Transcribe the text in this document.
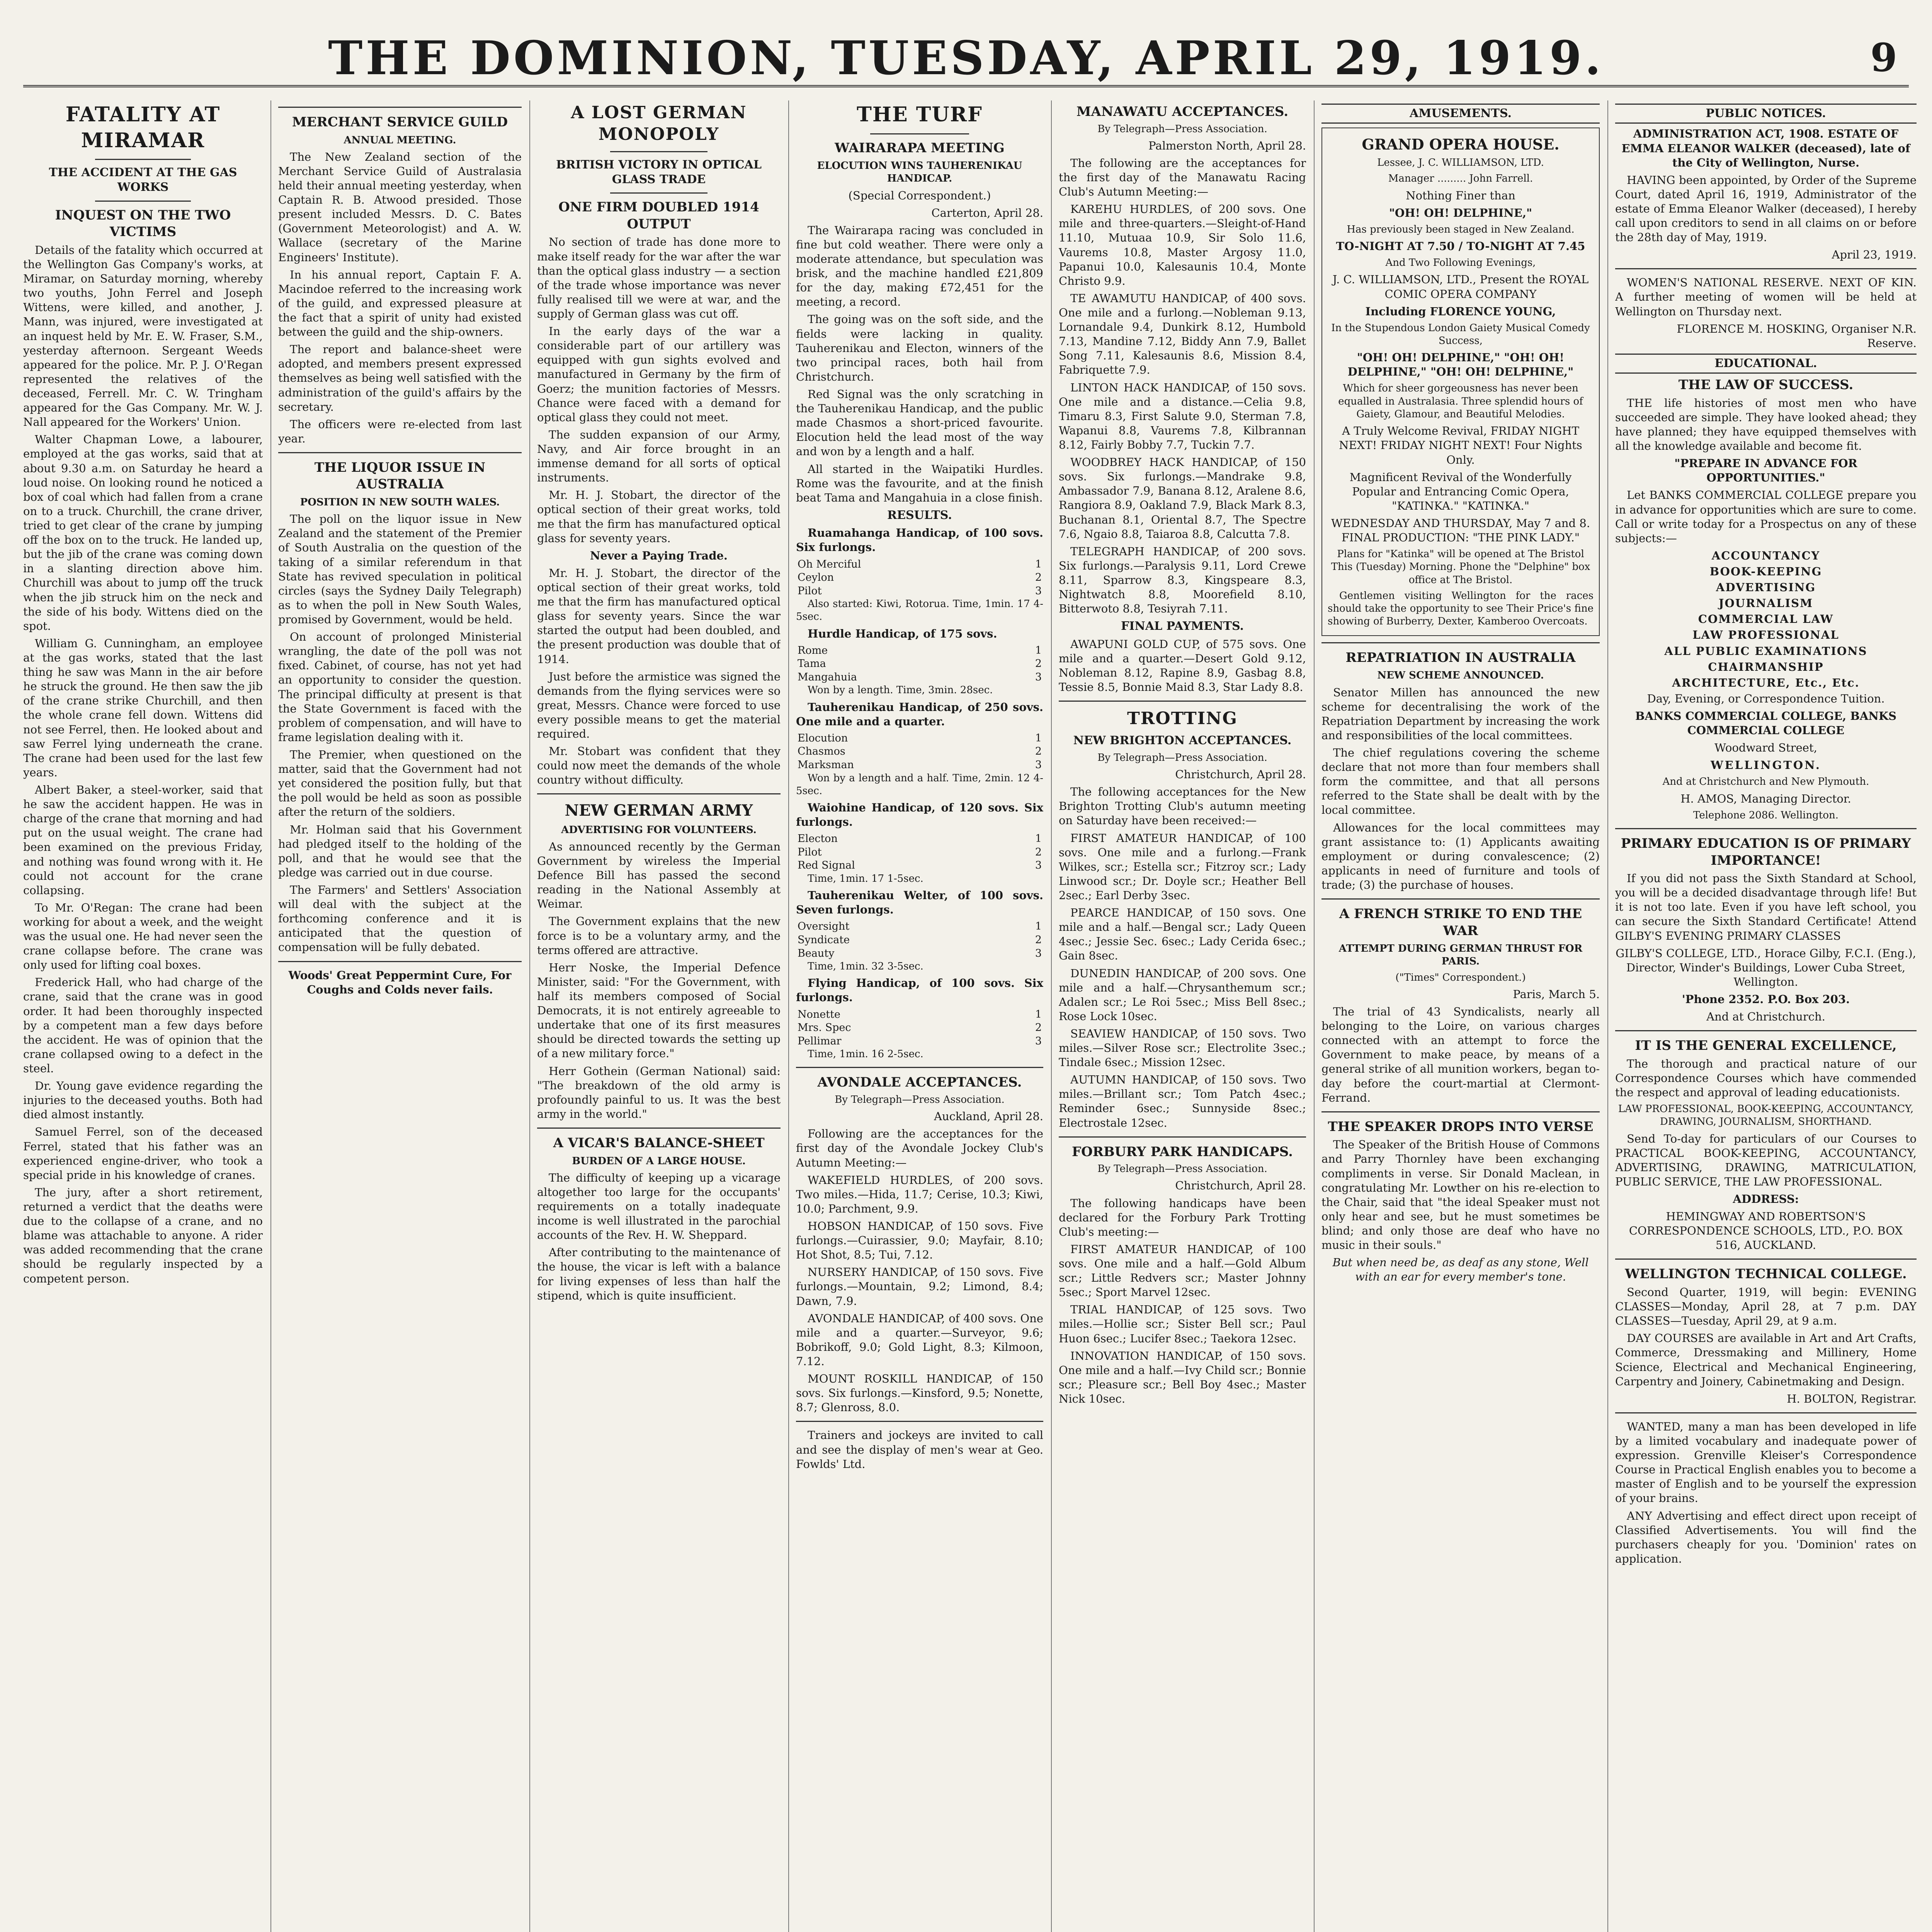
THE DOMINION, TUESDAY, APRIL 29, 1919.	9
FATALITY AT MIRAMAR
THE ACCIDENT AT THE GAS WORKS
INQUEST ON THE TWO VICTIMS

Details of the fatality which occurred at the Wellington Gas Company's works, at Miramar, on Saturday morning, whereby two youths, John Ferrel and Joseph Wittens, were killed, and another, J. Mann, was injured, were investigated at an inquest held by Mr. E. W. Fraser, S.M., yesterday afternoon. Sergeant Weeds appeared for the police. Mr. P. J. O'Regan represented the relatives of the deceased, Ferrell. Mr. C. W. Tringham appeared for the Gas Company. Mr. W. J. Nall appeared for the Workers' Union.

Walter Chapman Lowe, a labourer, employed at the gas works, said that at about 9.30 a.m. on Saturday he heard a loud noise. On looking round he noticed a box of coal which had fallen from a crane on to a truck. Churchill, the crane driver, tried to get clear of the crane by jumping off the box on to the truck. He landed up, but the jib of the crane was coming down in a slanting direction above him. Churchill was about to jump off the truck when the jib struck him on the neck and the side of his body. Wittens died on the spot.

William G. Cunningham, an employee at the gas works, stated that the last thing he saw was Mann in the air before he struck the ground. He then saw the jib of the crane strike Churchill, and then the whole crane fell down. Wittens did not see Ferrel, then. He looked about and saw Ferrel lying underneath the crane. The crane had been used for the last few years.

Albert Baker, a steel-worker, said that he saw the accident happen. He was in charge of the crane that morning and had put on the usual weight. The crane had been examined on the previous Friday, and nothing was found wrong with it. He could not account for the crane collapsing.

To Mr. O'Regan: The crane had been working for about a week, and the weight was the usual one. He had never seen the crane collapse before. The crane was only used for lifting coal boxes.

Frederick Hall, who had charge of the crane, said that the crane was in good order. It had been thoroughly inspected by a competent man a few days before the accident. He was of opinion that the crane collapsed owing to a defect in the steel.

Dr. Young gave evidence regarding the injuries to the deceased youths. Both had died almost instantly.

Samuel Ferrel, son of the deceased Ferrel, stated that his father was an experienced engine-driver, who took a special pride in his knowledge of cranes.

The jury, after a short retirement, returned a verdict that the deaths were due to the collapse of a crane, and no blame was attachable to anyone. A rider was added recommending that the crane should be regularly inspected by a competent person.

MERCHANT SERVICE GUILD
ANNUAL MEETING.

The New Zealand section of the Merchant Service Guild of Australasia held their annual meeting yesterday, when Captain R. B. Atwood presided. Those present included Messrs. D. C. Bates (Government Meteorologist) and A. W. Wallace (secretary of the Marine Engineers' Institute).

In his annual report, Captain F. A. Macindoe referred to the increasing work of the guild, and expressed pleasure at the fact that a spirit of unity had existed between the guild and the ship-owners.

The report and balance-sheet were adopted, and members present expressed themselves as being well satisfied with the administration of the guild's affairs by the secretary.

The officers were re-elected from last year.

THE LIQUOR ISSUE IN AUSTRALIA
POSITION IN NEW SOUTH WALES.

The poll on the liquor issue in New Zealand and the statement of the Premier of South Australia on the question of the taking of a similar referendum in that State has revived speculation in political circles (says the Sydney Daily Telegraph) as to when the poll in New South Wales, promised by Government, would be held.

On account of prolonged Ministerial wrangling, the date of the poll was not fixed. Cabinet, of course, has not yet had an opportunity to consider the question. The principal difficulty at present is that the State Government is faced with the problem of compensation, and will have to frame legislation dealing with it.

The Premier, when questioned on the matter, said that the Government had not yet considered the position fully, but that the poll would be held as soon as possible after the return of the soldiers.

Mr. Holman said that his Government had pledged itself to the holding of the poll, and that he would see that the pledge was carried out in due course.

The Farmers' and Settlers' Association will deal with the subject at the forthcoming conference and it is anticipated that the question of compensation will be fully debated.

Woods' Great Peppermint Cure, For Coughs and Colds never fails.

A LOST GERMAN MONOPOLY
BRITISH VICTORY IN OPTICAL GLASS TRADE
ONE FIRM DOUBLED 1914 OUTPUT

No section of trade has done more to make itself ready for the war after the war than the optical glass industry — a section of the trade whose importance was never fully realised till we were at war, and the supply of German glass was cut off.

In the early days of the war a considerable part of our artillery was equipped with gun sights evolved and manufactured in Germany by the firm of Goerz; the munition factories of Messrs. Chance were faced with a demand for optical glass they could not meet.

The sudden expansion of our Army, Navy, and Air force brought in an immense demand for all sorts of optical instruments.

Mr. H. J. Stobart, the director of the optical section of their great works, told me that the firm has manufactured optical glass for seventy years.

Never a Paying Trade.

Mr. H. J. Stobart, the director of the optical section of their great works, told me that the firm has manufactured optical glass for seventy years. Since the war started the output had been doubled, and the present production was double that of 1914.

Just before the armistice was signed the demands from the flying services were so great, Messrs. Chance were forced to use every possible means to get the material required.

Mr. Stobart was confident that they could now meet the demands of the whole country without difficulty.

NEW GERMAN ARMY
ADVERTISING FOR VOLUNTEERS.

As announced recently by the German Government by wireless the Imperial Defence Bill has passed the second reading in the National Assembly at Weimar.

The Government explains that the new force is to be a voluntary army, and the terms offered are attractive.

Herr Noske, the Imperial Defence Minister, said: "For the Government, with half its members composed of Social Democrats, it is not entirely agreeable to undertake that one of its first measures should be directed towards the setting up of a new military force."

Herr Gothein (German National) said: "The breakdown of the old army is profoundly painful to us. It was the best army in the world."

A VICAR'S BALANCE-SHEET
BURDEN OF A LARGE HOUSE.

The difficulty of keeping up a vicarage altogether too large for the occupants' requirements on a totally inadequate income is well illustrated in the parochial accounts of the Rev. H. W. Sheppard.

After contributing to the maintenance of the house, the vicar is left with a balance for living expenses of less than half the stipend, which is quite insufficient.

THE TURF
WAIRARAPA MEETING
ELOCUTION WINS TAUHERENIKAU HANDICAP.

(Special Correspondent.)

Carterton, April 28.

The Wairarapa racing was concluded in fine but cold weather. There were only a moderate attendance, but speculation was brisk, and the machine handled £21,809 for the day, making £72,451 for the meeting, a record.

The going was on the soft side, and the fields were lacking in quality. Tauherenikau and Electon, winners of the two principal races, both hail from Christchurch.

Red Signal was the only scratching in the Tauherenikau Handicap, and the public made Chasmos a short-priced favourite. Elocution held the lead most of the way and won by a length and a half.

All started in the Waipatiki Hurdles. Rome was the favourite, and at the finish beat Tama and Mangahuia in a close finish.

RESULTS.

Ruamahanga Handicap, of 100 sovs. Six furlongs.

Oh Merciful	1
Ceylon	2
Pilot	3

Also started: Kiwi, Rotorua. Time, 1min. 17 4-5sec.

Hurdle Handicap, of 175 sovs.

Rome	1
Tama	2
Mangahuia	3

Won by a length. Time, 3min. 28sec.

Tauherenikau Handicap, of 250 sovs. One mile and a quarter.

Elocution	1
Chasmos	2
Marksman	3

Won by a length and a half. Time, 2min. 12 4-5sec.

Waiohine Handicap, of 120 sovs. Six furlongs.

Electon	1
Pilot	2
Red Signal	3

Time, 1min. 17 1-5sec.

Tauherenikau Welter, of 100 sovs. Seven furlongs.

Oversight	1
Syndicate	2
Beauty	3

Time, 1min. 32 3-5sec.

Flying Handicap, of 100 sovs. Six furlongs.

Nonette	1
Mrs. Spec	2
Pellimar	3

Time, 1min. 16 2-5sec.

AVONDALE ACCEPTANCES.

By Telegraph—Press Association.

Auckland, April 28.

Following are the acceptances for the first day of the Avondale Jockey Club's Autumn Meeting:—

WAKEFIELD HURDLES, of 200 sovs. Two miles.—Hida, 11.7; Cerise, 10.3; Kiwi, 10.0; Parchment, 9.9.

HOBSON HANDICAP, of 150 sovs. Five furlongs.—Cuirassier, 9.0; Mayfair, 8.10; Hot Shot, 8.5; Tui, 7.12.

NURSERY HANDICAP, of 150 sovs. Five furlongs.—Mountain, 9.2; Limond, 8.4; Dawn, 7.9.

AVONDALE HANDICAP, of 400 sovs. One mile and a quarter.—Surveyor, 9.6; Bobrikoff, 9.0; Gold Light, 8.3; Kilmoon, 7.12.

MOUNT ROSKILL HANDICAP, of 150 sovs. Six furlongs.—Kinsford, 9.5; Nonette, 8.7; Glenross, 8.0.

Trainers and jockeys are invited to call and see the display of men's wear at Geo. Fowlds' Ltd.

MANAWATU ACCEPTANCES.

By Telegraph—Press Association.

Palmerston North, April 28.

The following are the acceptances for the first day of the Manawatu Racing Club's Autumn Meeting:—

KAREHU HURDLES, of 200 sovs. One mile and three-quarters.—Sleight-of-Hand 11.10, Mutuaa 10.9, Sir Solo 11.6, Vaurems 10.8, Master Argosy 11.0, Papanui 10.0, Kalesaunis 10.4, Monte Christo 9.9.

TE AWAMUTU HANDICAP, of 400 sovs. One mile and a furlong.—Nobleman 9.13, Lornandale 9.4, Dunkirk 8.12, Humbold 7.13, Mandine 7.12, Biddy Ann 7.9, Ballet Song 7.11, Kalesaunis 8.6, Mission 8.4, Fabriquette 7.9.

LINTON HACK HANDICAP, of 150 sovs. One mile and a distance.—Celia 9.8, Timaru 8.3, First Salute 9.0, Sterman 7.8, Wapanui 8.8, Vaurems 7.8, Kilbrannan 8.12, Fairly Bobby 7.7, Tuckin 7.7.

WOODBREY HACK HANDICAP, of 150 sovs. Six furlongs.—Mandrake 9.8, Ambassador 7.9, Banana 8.12, Aralene 8.6, Rangiora 8.9, Oakland 7.9, Black Mark 8.3, Buchanan 8.1, Oriental 8.7, The Spectre 7.6, Ngaio 8.8, Taiaroa 8.8, Calcutta 7.8.

TELEGRAPH HANDICAP, of 200 sovs. Six furlongs.—Paralysis 9.11, Lord Crewe 8.11, Sparrow 8.3, Kingspeare 8.3, Nightwatch 8.8, Moorefield 8.10, Bitterwoto 8.8, Tesiyrah 7.11.

FINAL PAYMENTS.

AWAPUNI GOLD CUP, of 575 sovs. One mile and a quarter.—Desert Gold 9.12, Nobleman 8.12, Rapine 8.9, Gasbag 8.8, Tessie 8.5, Bonnie Maid 8.3, Star Lady 8.8.

TROTTING
NEW BRIGHTON ACCEPTANCES.

By Telegraph—Press Association.

Christchurch, April 28.

The following acceptances for the New Brighton Trotting Club's autumn meeting on Saturday have been received:—

FIRST AMATEUR HANDICAP, of 100 sovs. One mile and a furlong.—Frank Wilkes, scr.; Estella scr.; Fitzroy scr.; Lady Linwood scr.; Dr. Doyle scr.; Heather Bell 2sec.; Earl Derby 3sec.

PEARCE HANDICAP, of 150 sovs. One mile and a half.—Bengal scr.; Lady Queen 4sec.; Jessie Sec. 6sec.; Lady Cerida 6sec.; Gain 8sec.

DUNEDIN HANDICAP, of 200 sovs. One mile and a half.—Chrysanthemum scr.; Adalen scr.; Le Roi 5sec.; Miss Bell 8sec.; Rose Lock 10sec.

SEAVIEW HANDICAP, of 150 sovs. Two miles.—Silver Rose scr.; Electrolite 3sec.; Tindale 6sec.; Mission 12sec.

AUTUMN HANDICAP, of 150 sovs. Two miles.—Brillant scr.; Tom Patch 4sec.; Reminder 6sec.; Sunnyside 8sec.; Electrostale 12sec.

FORBURY PARK HANDICAPS.

By Telegraph—Press Association.

Christchurch, April 28.

The following handicaps have been declared for the Forbury Park Trotting Club's meeting:—

FIRST AMATEUR HANDICAP, of 100 sovs. One mile and a half.—Gold Album scr.; Little Redvers scr.; Master Johnny 5sec.; Sport Marvel 12sec.

TRIAL HANDICAP, of 125 sovs. Two miles.—Hollie scr.; Sister Bell scr.; Paul Huon 6sec.; Lucifer 8sec.; Taekora 12sec.

INNOVATION HANDICAP, of 150 sovs. One mile and a half.—Ivy Child scr.; Bonnie scr.; Pleasure scr.; Bell Boy 4sec.; Master Nick 10sec.

AMUSEMENTS.
GRAND OPERA HOUSE.

Lessee, J. C. WILLIAMSON, LTD.

Manager ......... John Farrell.

Nothing Finer than

"OH! OH! DELPHINE,"

Has previously been staged in New Zealand.

TO-NIGHT AT 7.50 / TO-NIGHT AT 7.45

And Two Following Evenings,

J. C. WILLIAMSON, LTD., Present the ROYAL COMIC OPERA COMPANY

Including FLORENCE YOUNG,

In the Stupendous London Gaiety Musical Comedy Success,

"OH! OH! DELPHINE," "OH! OH! DELPHINE," "OH! OH! DELPHINE,"

Which for sheer gorgeousness has never been equalled in Australasia. Three splendid hours of Gaiety, Glamour, and Beautiful Melodies.

A Truly Welcome Revival, FRIDAY NIGHT NEXT! FRIDAY NIGHT NEXT! Four Nights Only.

Magnificent Revival of the Wonderfully Popular and Entrancing Comic Opera, "KATINKA." "KATINKA."

WEDNESDAY AND THURSDAY, May 7 and 8. FINAL PRODUCTION: "THE PINK LADY."

Plans for "Katinka" will be opened at The Bristol This (Tuesday) Morning. Phone the "Delphine" box office at The Bristol.

Gentlemen visiting Wellington for the races should take the opportunity to see Their Price's fine showing of Burberry, Dexter, Kamberoo Overcoats.

REPATRIATION IN AUSTRALIA
NEW SCHEME ANNOUNCED.

Senator Millen has announced the new scheme for decentralising the work of the Repatriation Department by increasing the work and responsibilities of the local committees.

The chief regulations covering the scheme declare that not more than four members shall form the committee, and that all persons referred to the State shall be dealt with by the local committee.

Allowances for the local committees may grant assistance to: (1) Applicants awaiting employment or during convalescence; (2) applicants in need of furniture and tools of trade; (3) the purchase of houses.

A FRENCH STRIKE TO END THE WAR
ATTEMPT DURING GERMAN THRUST FOR PARIS.

("Times" Correspondent.)

Paris, March 5.

The trial of 43 Syndicalists, nearly all belonging to the Loire, on various charges connected with an attempt to force the Government to make peace, by means of a general strike of all munition workers, began to-day before the court-martial at Clermont-Ferrand.

THE SPEAKER DROPS INTO VERSE

The Speaker of the British House of Commons and Parry Thornley have been exchanging compliments in verse. Sir Donald Maclean, in congratulating Mr. Lowther on his re-election to the Chair, said that "the ideal Speaker must not only hear and see, but he must sometimes be blind; and only those are deaf who have no music in their souls."

But when need be, as deaf as any stone, Well with an ear for every member's tone.

PUBLIC NOTICES.

ADMINISTRATION ACT, 1908. ESTATE OF EMMA ELEANOR WALKER (deceased), late of the City of Wellington, Nurse.

HAVING been appointed, by Order of the Supreme Court, dated April 16, 1919, Administrator of the estate of Emma Eleanor Walker (deceased), I hereby call upon creditors to send in all claims on or before the 28th day of May, 1919.

April 23, 1919.

WOMEN'S NATIONAL RESERVE. NEXT OF KIN. A further meeting of women will be held at Wellington on Thursday next.

FLORENCE M. HOSKING, Organiser N.R. Reserve.

EDUCATIONAL.
THE LAW OF SUCCESS.

THE life histories of most men who have succeeded are simple. They have looked ahead; they have planned; they have equipped themselves with all the knowledge available and become fit.

"PREPARE IN ADVANCE FOR OPPORTUNITIES."

Let BANKS COMMERCIAL COLLEGE prepare you in advance for opportunities which are sure to come. Call or write today for a Prospectus on any of these subjects:—

ACCOUNTANCY
BOOK-KEEPING
ADVERTISING
JOURNALISM
COMMERCIAL LAW
LAW PROFESSIONAL
ALL PUBLIC EXAMINATIONS
CHAIRMANSHIP
ARCHITECTURE, Etc., Etc.

Day, Evening, or Correspondence Tuition.

BANKS COMMERCIAL COLLEGE, BANKS COMMERCIAL COLLEGE

Woodward Street,

WELLINGTON.

And at Christchurch and New Plymouth.

H. AMOS, Managing Director.

Telephone 2086. Wellington.

PRIMARY EDUCATION IS OF PRIMARY IMPORTANCE!

If you did not pass the Sixth Standard at School, you will be a decided disadvantage through life! But it is not too late. Even if you have left school, you can secure the Sixth Standard Certificate! Attend GILBY'S EVENING PRIMARY CLASSES

GILBY'S COLLEGE, LTD., Horace Gilby, F.C.I. (Eng.), Director, Winder's Buildings, Lower Cuba Street, Wellington.

'Phone 2352. P.O. Box 203.

And at Christchurch.

IT IS THE GENERAL EXCELLENCE,

The thorough and practical nature of our Correspondence Courses which have commended the respect and approval of leading educationists.

LAW PROFESSIONAL, BOOK-KEEPING, ACCOUNTANCY, DRAWING, JOURNALISM, SHORTHAND.

Send To-day for particulars of our Courses to PRACTICAL BOOK-KEEPING, ACCOUNTANCY, ADVERTISING, DRAWING, MATRICULATION, PUBLIC SERVICE, THE LAW PROFESSIONAL.

ADDRESS:

HEMINGWAY AND ROBERTSON'S CORRESPONDENCE SCHOOLS, LTD., P.O. BOX 516, AUCKLAND.

WELLINGTON TECHNICAL COLLEGE.

Second Quarter, 1919, will begin: EVENING CLASSES—Monday, April 28, at 7 p.m. DAY CLASSES—Tuesday, April 29, at 9 a.m.

DAY COURSES are available in Art and Art Crafts, Commerce, Dressmaking and Millinery, Home Science, Electrical and Mechanical Engineering, Carpentry and Joinery, Cabinetmaking and Design.

H. BOLTON, Registrar.

WANTED, many a man has been developed in life by a limited vocabulary and inadequate power of expression. Grenville Kleiser's Correspondence Course in Practical English enables you to become a master of English and to be yourself the expression of your brains.

ANY Advertising and effect direct upon receipt of Classified Advertisements. You will find the purchasers cheaply for you. 'Dominion' rates on application.
